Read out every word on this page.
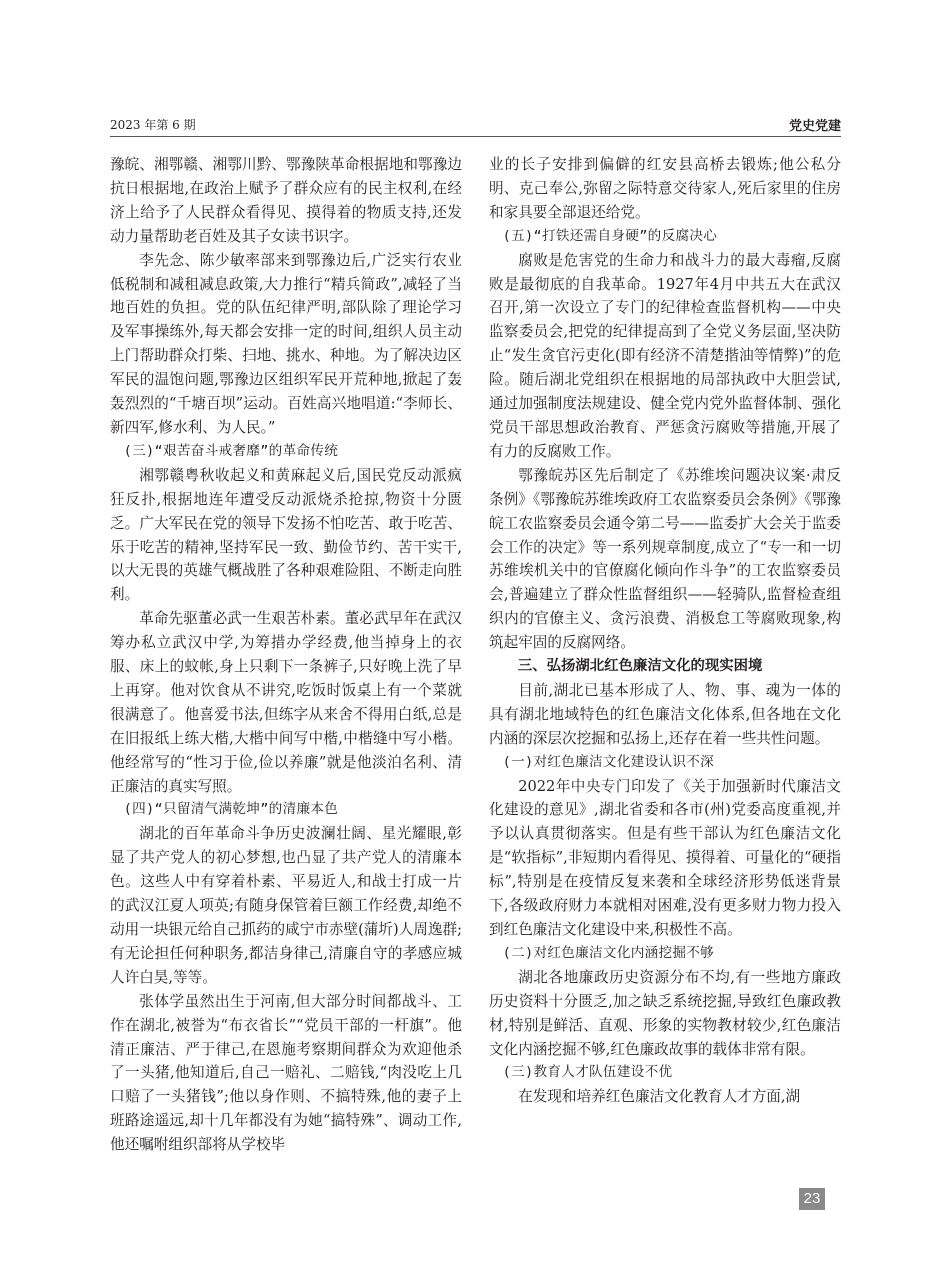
2023 年第 6 期	党史党建

豫皖、湘鄂赣、湘鄂川黔、鄂豫陕革命根据地和鄂豫边抗日根据地,在政治上赋予了群众应有的民主权利,在经济上给予了人民群众看得见、摸得着的物质支持,还发动力量帮助老百姓及其子女读书识字。

李先念、陈少敏率部来到鄂豫边后,广泛实行农业低税制和减租减息政策,大力推行“精兵简政”,减轻了当地百姓的负担。党的队伍纪律严明,部队除了理论学习及军事操练外,每天都会安排一定的时间,组织人员主动上门帮助群众打柴、扫地、挑水、种地。为了解决边区军民的温饱问题,鄂豫边区组织军民开荒种地,掀起了轰轰烈烈的“千塘百坝”运动。百姓高兴地唱道:“李师长、新四军,修水利、为人民。”

(三)“艰苦奋斗戒奢靡”的革命传统

湘鄂赣粤秋收起义和黄麻起义后,国民党反动派疯狂反扑,根据地连年遭受反动派烧杀抢掠,物资十分匮乏。广大军民在党的领导下发扬不怕吃苦、敢于吃苦、乐于吃苦的精神,坚持军民一致、勤俭节约、苦干实干,以大无畏的英雄气概战胜了各种艰难险阻、不断走向胜利。

革命先驱董必武一生艰苦朴素。董必武早年在武汉筹办私立武汉中学,为筹措办学经费,他当掉身上的衣服、床上的蚊帐,身上只剩下一条裤子,只好晚上洗了早上再穿。他对饮食从不讲究,吃饭时饭桌上有一个菜就很满意了。他喜爱书法,但练字从来舍不得用白纸,总是在旧报纸上练大楷,大楷中间写中楷,中楷缝中写小楷。他经常写的“性习于俭,俭以养廉”就是他淡泊名利、清正廉洁的真实写照。

(四)“只留清气满乾坤”的清廉本色

湖北的百年革命斗争历史波澜壮阔、星光耀眼,彰显了共产党人的初心梦想,也凸显了共产党人的清廉本色。这些人中有穿着朴素、平易近人,和战士打成一片的武汉江夏人项英;有随身保管着巨额工作经费,却绝不动用一块银元给自己抓药的咸宁市赤壁(蒲圻)人周逸群;有无论担任何种职务,都洁身律己,清廉自守的孝感应城人许白昊,等等。

张体学虽然出生于河南,但大部分时间都战斗、工作在湖北,被誉为“布衣省长”“党员干部的一杆旗”。他清正廉洁、严于律己,在恩施考察期间群众为欢迎他杀了一头猪,他知道后,自己一赔礼、二赔钱,“肉没吃上几口赔了一头猪钱”;他以身作则、不搞特殊,他的妻子上班路途遥远,却十几年都没有为她“搞特殊”、调动工作,他还嘱咐组织部将从学校毕

业的长子安排到偏僻的红安县高桥去锻炼;他公私分明、克己奉公,弥留之际特意交待家人,死后家里的住房和家具要全部退还给党。

(五)“打铁还需自身硬”的反腐决心

腐败是危害党的生命力和战斗力的最大毒瘤,反腐败是最彻底的自我革命。1927年4月中共五大在武汉召开,第一次设立了专门的纪律检查监督机构——中央监察委员会,把党的纪律提高到了全党义务层面,坚决防止“发生贪官污吏化(即有经济不清楚揩油等情弊)”的危险。随后湖北党组织在根据地的局部执政中大胆尝试,通过加强制度法规建设、健全党内党外监督体制、强化党员干部思想政治教育、严惩贪污腐败等措施,开展了有力的反腐败工作。

鄂豫皖苏区先后制定了《苏维埃问题决议案·肃反条例》《鄂豫皖苏维埃政府工农监察委员会条例》《鄂豫皖工农监察委员会通令第二号——监委扩大会关于监委会工作的决定》等一系列规章制度,成立了“专一和一切苏维埃机关中的官僚腐化倾向作斗争”的工农监察委员会,普遍建立了群众性监督组织——轻骑队,监督检查组织内的官僚主义、贪污浪费、消极怠工等腐败现象,构筑起牢固的反腐网络。

三、弘扬湖北红色廉洁文化的现实困境

目前,湖北已基本形成了人、物、事、魂为一体的具有湖北地域特色的红色廉洁文化体系,但各地在文化内涵的深层次挖掘和弘扬上,还存在着一些共性问题。

(一)对红色廉洁文化建设认识不深

2022年中央专门印发了《关于加强新时代廉洁文化建设的意见》,湖北省委和各市(州)党委高度重视,并予以认真贯彻落实。但是有些干部认为红色廉洁文化是“软指标”,非短期内看得见、摸得着、可量化的“硬指标”,特别是在疫情反复来袭和全球经济形势低迷背景下,各级政府财力本就相对困难,没有更多财力物力投入到红色廉洁文化建设中来,积极性不高。

(二)对红色廉洁文化内涵挖掘不够

湖北各地廉政历史资源分布不均,有一些地方廉政历史资料十分匮乏,加之缺乏系统挖掘,导致红色廉政教材,特别是鲜活、直观、形象的实物教材较少,红色廉洁文化内涵挖掘不够,红色廉政故事的载体非常有限。

(三)教育人才队伍建设不优

在发现和培养红色廉洁文化教育人才方面,湖

23
